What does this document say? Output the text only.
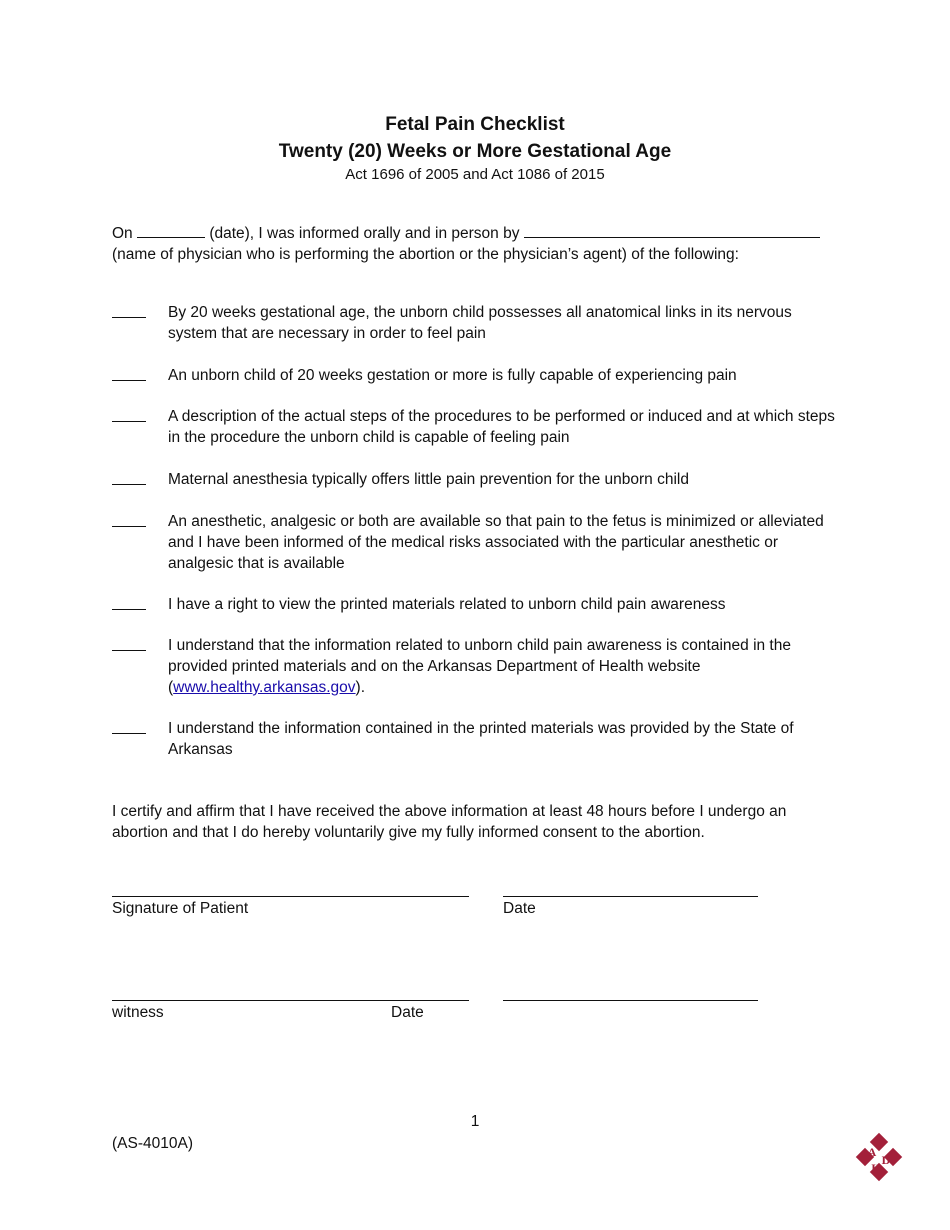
Fetal Pain Checklist
Twenty (20) Weeks or More Gestational Age
Act 1696 of 2005 and Act 1086 of 2015
On	(date), I was informed orally and in person by
(name of physician who is performing the abortion or the physician’s agent) of the following:
By 20 weeks gestational age, the unborn child possesses all anatomical links in its nervous system that are necessary in order to feel pain
An unborn child of 20 weeks gestation or more is fully capable of experiencing pain
A description of the actual steps of the procedures to be performed or induced and at which steps in the procedure the unborn child is capable of feeling pain
Maternal anesthesia typically offers little pain prevention for the unborn child
An anesthetic, analgesic or both are available so that pain to the fetus is minimized or alleviated and I have been informed of the medical risks associated with the particular anesthetic or analgesic that is available
I have a right to view the printed materials related to unborn child pain awareness
I understand that the information related to unborn child pain awareness is contained in the provided printed materials and on the Arkansas Department of Health website (www.healthy.arkansas.gov).
I understand the information contained in the printed materials was provided by the State of Arkansas
I certify and affirm that I have received the above information at least 48 hours before I undergo an abortion and that I do hereby voluntarily give my fully informed consent to the abortion.
Signature of Patient	Date
witness	Date
1
(AS-4010A)	A
D
H
